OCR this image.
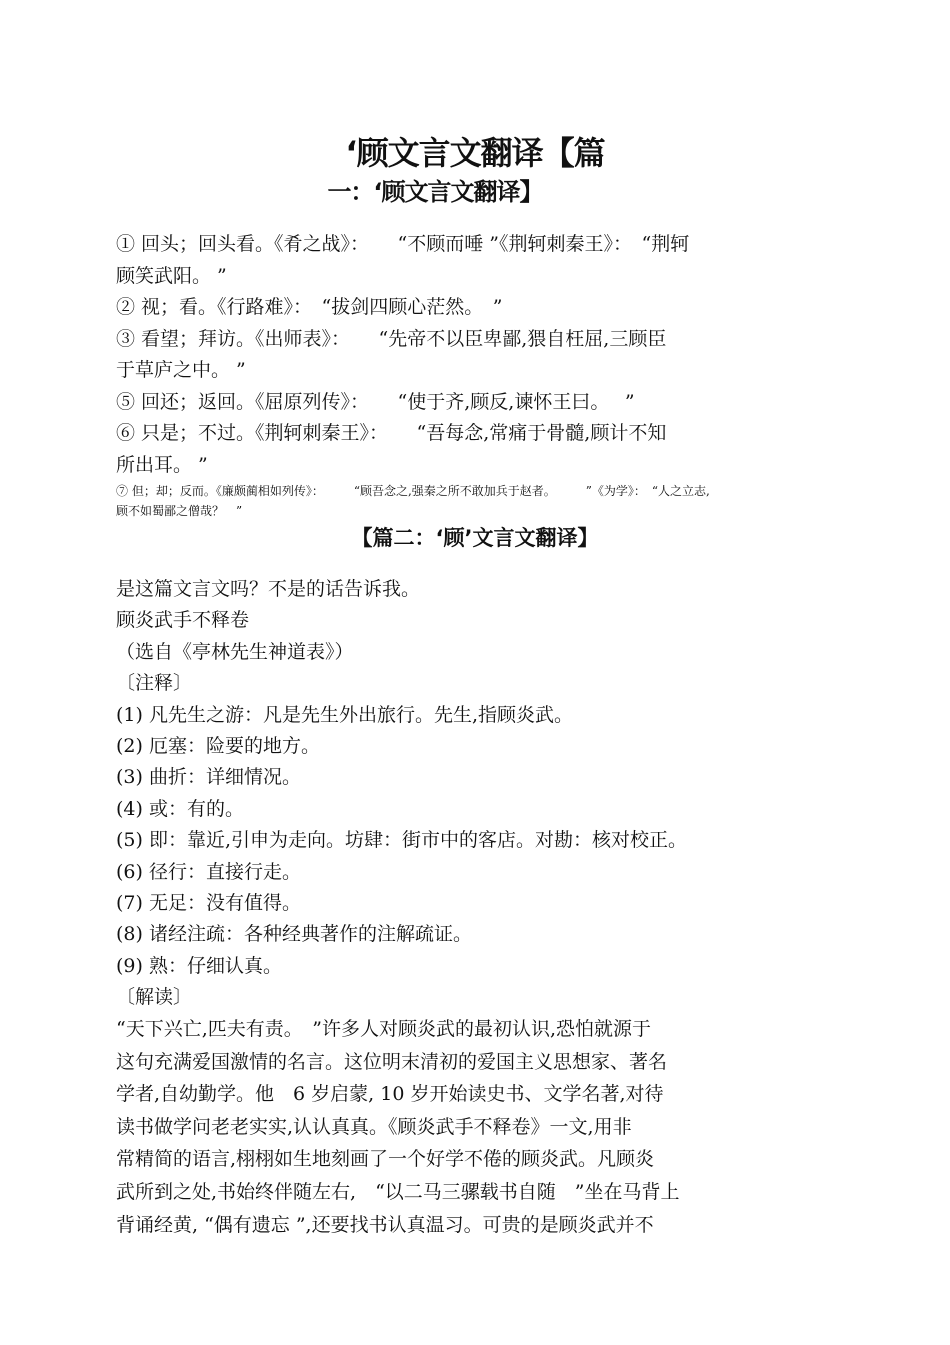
‘顾文言文翻译【篇
一：‘顾文言文翻译】
① 回头；回头看。《肴之战》：　　“不顾而唾 ”《荆轲刺秦王》：　“荆轲
顾笑武阳。 ”
② 视；看。《行路难》：　“拔剑四顾心茫然。　”
③ 看望；拜访。《出师表》：　　“先帝不以臣卑鄙,猥自枉屈,三顾臣
于草庐之中。 ”
⑤ 回还；返回。《屈原列传》：　　“使于齐,顾反,谏怀王曰。　 ”
⑥ 只是；不过。《荆轲刺秦王》：　　“吾每念,常痛于骨髓,顾计不知
所出耳。 ”
⑦ 但；却；反而。《廉颇蔺相如列传》：　　　“顾吾念之,强秦之所不敢加兵于赵者。　　　”《为学》：　“人之立志,
顾不如蜀鄙之僧哉？　”
【篇二：‘顾’文言文翻译】
是这篇文言文吗？不是的话告诉我。
顾炎武手不释卷
（选自《亭林先生神道表》）
〔注释〕
(1) 凡先生之游：凡是先生外出旅行。先生,指顾炎武。
(2) 厄塞：险要的地方。
(3) 曲折：详细情况。
(4) 或：有的。
(5) 即：靠近,引申为走向。坊肆：街市中的客店。对勘：核对校正。
(6) 径行：直接行走。
(7) 无足：没有值得。
(8) 诸经注疏：各种经典著作的注解疏证。
(9) 熟：仔细认真。
〔解读〕
“天下兴亡,匹夫有责。　”许多人对顾炎武的最初认识,恐怕就源于
这句充满爱国激情的名言。这位明末清初的爱国主义思想家、著名
学者,自幼勤学。他　6 岁启蒙, 10 岁开始读史书、文学名著,对待
读书做学问老老实实,认认真真。《顾炎武手不释卷》一文,用非
常精简的语言,栩栩如生地刻画了一个好学不倦的顾炎武。凡顾炎
武所到之处,书始终伴随左右,　“以二马三骡载书自随　”坐在马背上
背诵经黄, “偶有遗忘 ”,还要找书认真温习。可贵的是顾炎武并不
